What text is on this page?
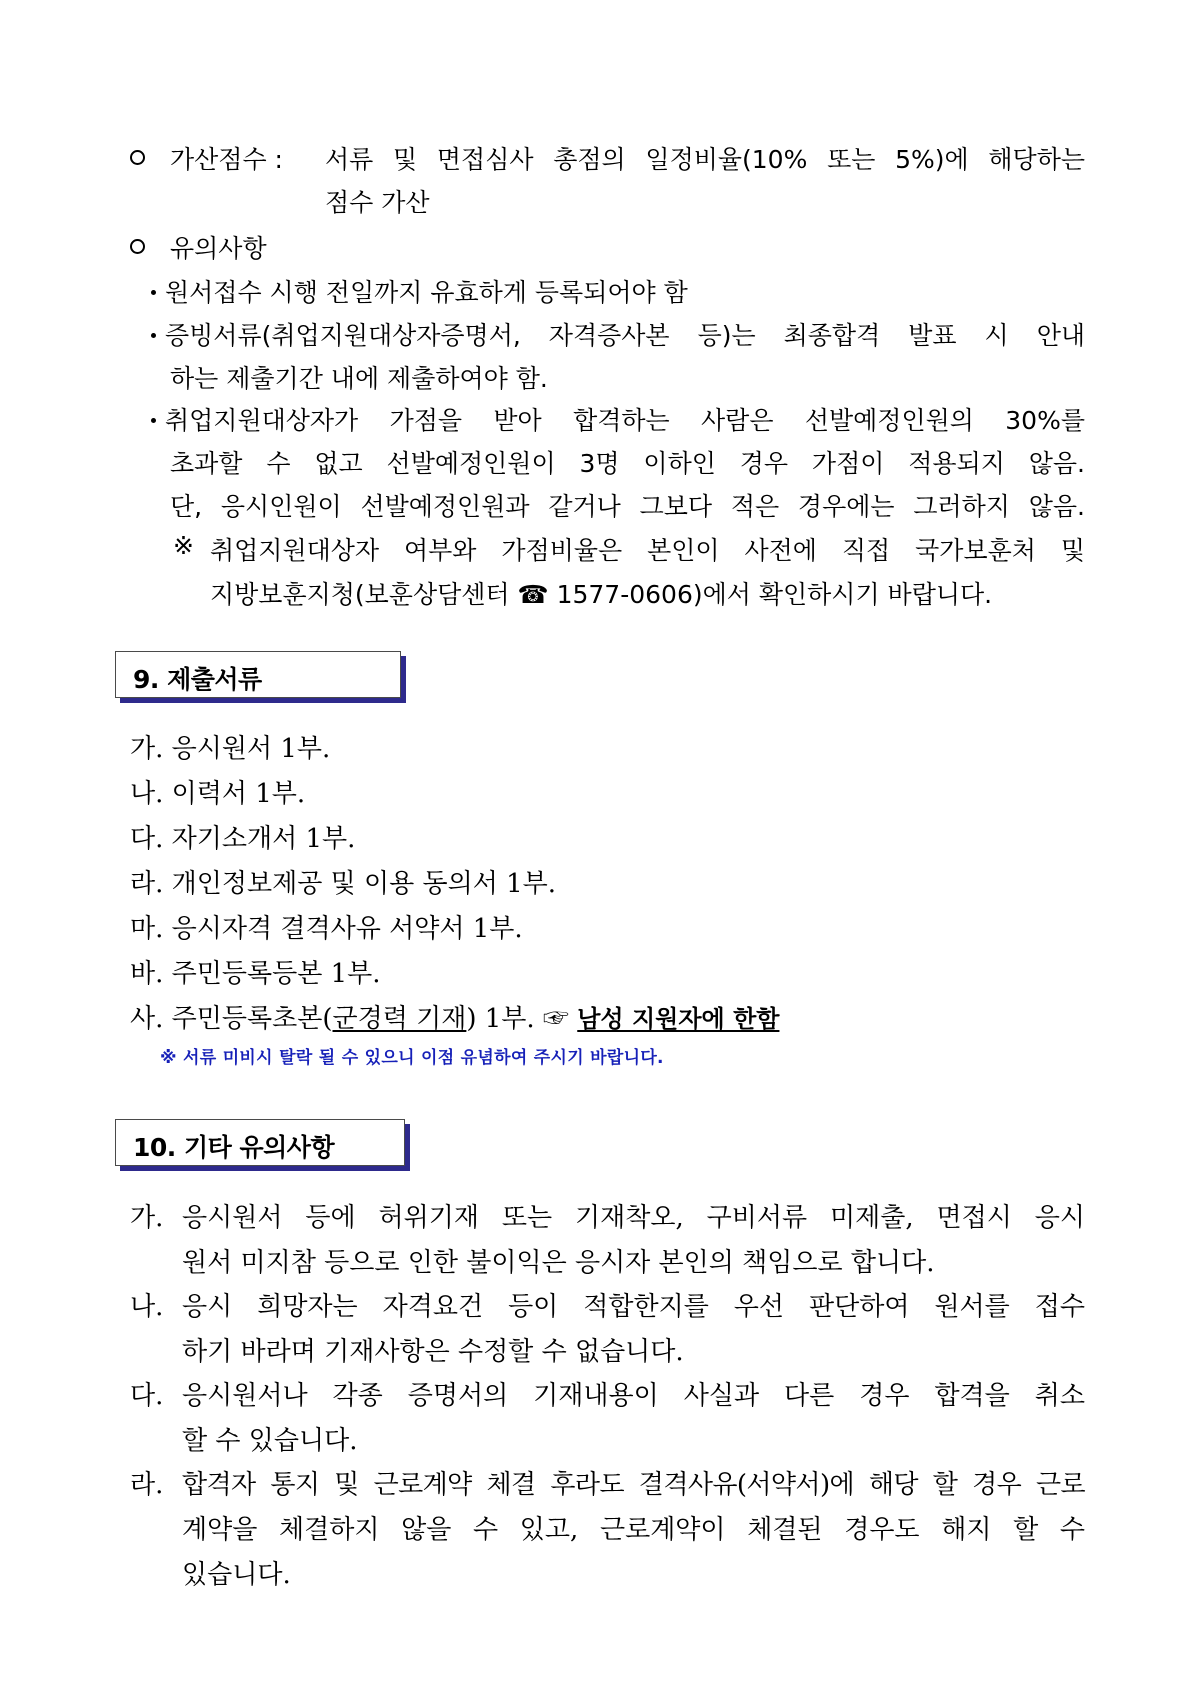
가산점수 : 서류 및 면접심사 총점의 일정비율(10% 또는 5%)에 해당하는
점수 가산
유의사항
원서접수 시행 전일까지 유효하게 등록되어야 함
증빙서류(취업지원대상자증명서, 자격증사본 등)는 최종합격 발표 시 안내
하는 제출기간 내에 제출하여야 함.
취업지원대상자가 가점을 받아 합격하는 사람은 선발예정인원의 30%를
초과할 수 없고 선발예정인원이 3명 이하인 경우 가점이 적용되지 않음.
단, 응시인원이 선발예정인원과 같거나 그보다 적은 경우에는 그러하지 않음.
※ 취업지원대상자 여부와 가점비율은 본인이 사전에 직접 국가보훈처 및
지방보훈지청(보훈상담센터 ☎ 1577-0606)에서 확인하시기 바랍니다.
9. 제출서류
가. 응시원서 1부.
나. 이력서 1부.
다. 자기소개서 1부.
라. 개인정보제공 및 이용 동의서 1부.
마. 응시자격 결격사유 서약서 1부.
바. 주민등록등본 1부.
사. 주민등록초본(군경력 기재) 1부. ☞ 남성 지원자에 한함
※ 서류 미비시 탈락 될 수 있으니 이점 유념하여 주시기 바랍니다.
10. 기타 유의사항
가. 응시원서 등에 허위기재 또는 기재착오, 구비서류 미제출, 면접시 응시
원서 미지참 등으로 인한 불이익은 응시자 본인의 책임으로 합니다.
나. 응시 희망자는 자격요건 등이 적합한지를 우선 판단하여 원서를 접수
하기 바라며 기재사항은 수정할 수 없습니다.
다. 응시원서나 각종 증명서의 기재내용이 사실과 다른 경우 합격을 취소
할 수 있습니다.
라. 합격자 통지 및 근로계약 체결 후라도 결격사유(서약서)에 해당 할 경우 근로
계약을 체결하지 않을 수 있고, 근로계약이 체결된 경우도 해지 할 수
있습니다.
